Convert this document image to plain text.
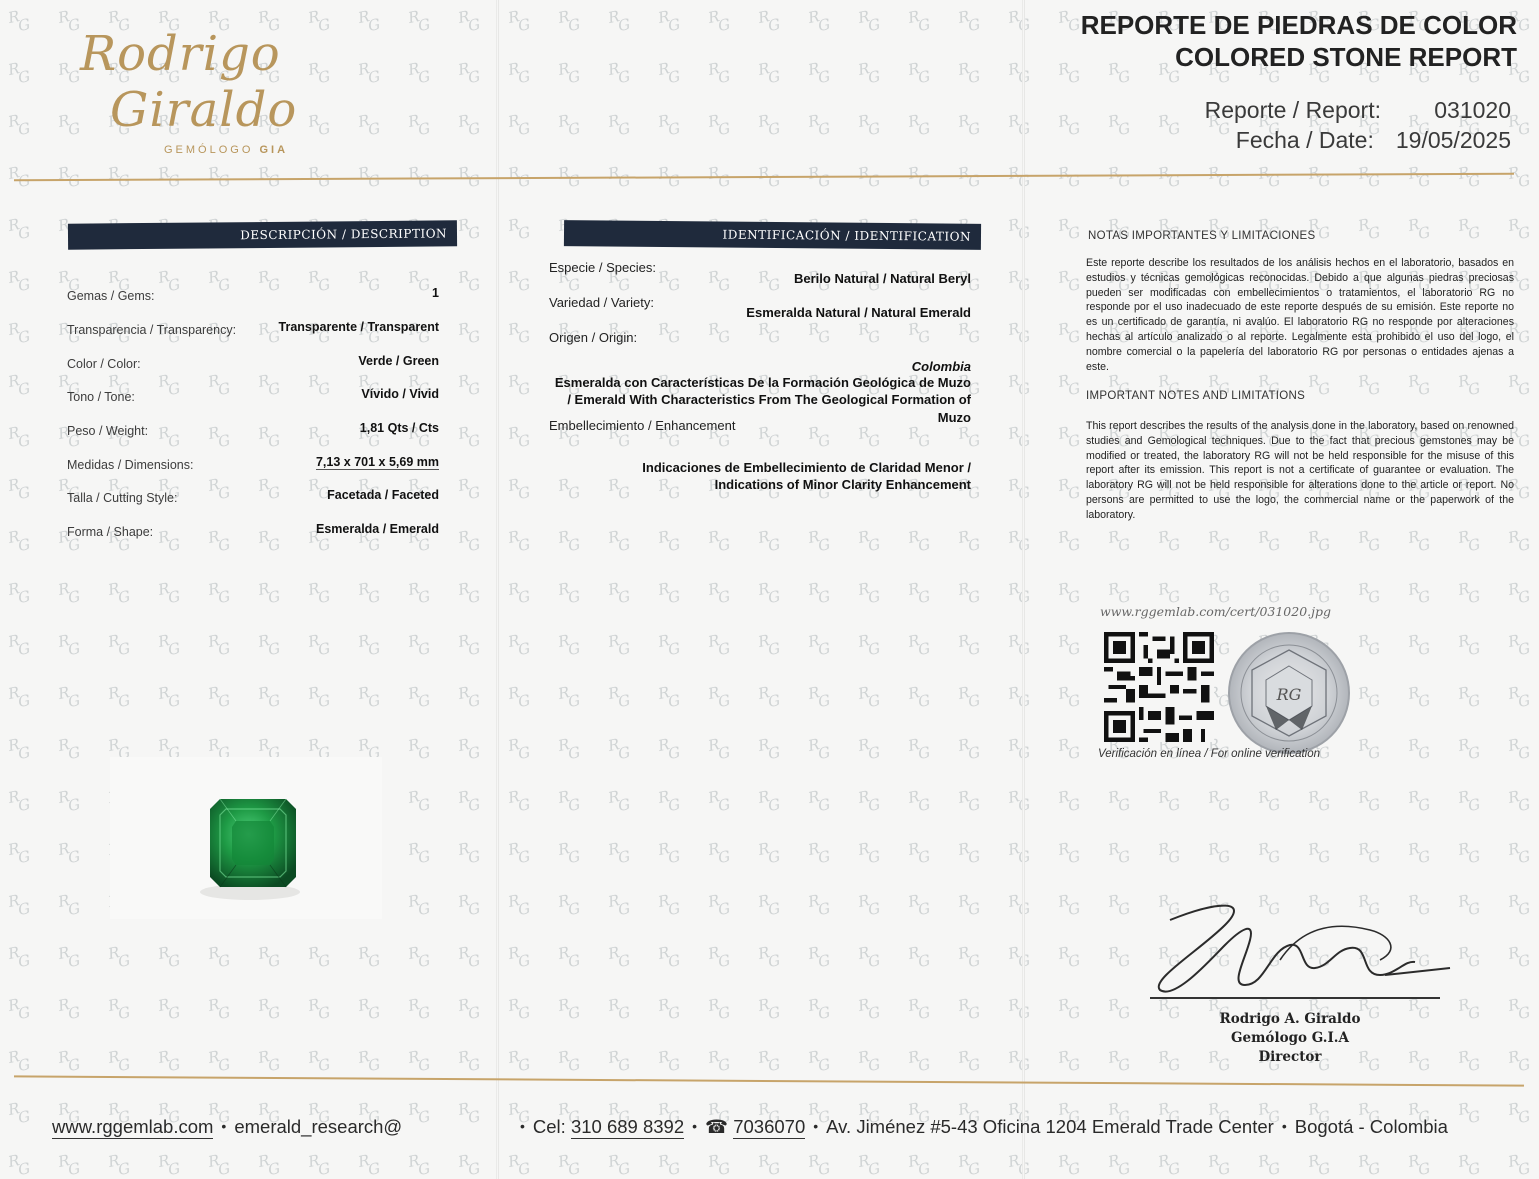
Rodrigo
Giraldo
GEMÓLOGO GIA
REPORTE DE PIEDRAS DE COLOR
COLORED STONE REPORT
Reporte / Report: 031020
Fecha / Date: 19/05/2025
DESCRIPCIÓN / DESCRIPTION
Gemas / Gems:	1
Transparencia / Transparency:	Transparente / Transparent
Color / Color:	Verde / Green
Tono / Tone:	Vívido / Vivid
Peso / Weight:	1,81 Qts / Cts
Medidas / Dimensions:	7,13 x 701 x 5,69 mm
Talla / Cutting Style:	Facetada / Faceted
Forma / Shape:	Esmeralda / Emerald
IDENTIFICACIÓN / IDENTIFICATION
Especie / Species:
Berilo Natural / Natural Beryl
Variedad / Variety:
Esmeralda Natural / Natural Emerald
Origen / Origin:
Colombia
Esmeralda con Características De la Formación Geológica de Muzo
/ Emerald With Characteristics From The Geological Formation of
Muzo
Embellecimiento / Enhancement
Indicaciones de Embellecimiento de Claridad Menor /
Indications of Minor Clarity Enhancement
NOTAS IMPORTANTES Y LIMITACIONES

Este reporte describe los resultados de los análisis hechos en el laboratorio, basados en estudios y técnicas gemológicas reconocidas. Debido a que algunas piedras preciosas pueden ser modificadas con embellecimientos o tratamientos, el laboratorio RG no responde por el uso inadecuado de este reporte después de su emisión. Este reporte no es un certificado de garantía, ni avalúo. El laboratorio RG no responde por alteraciones hechas al artículo analizado o al reporte. Legalmente esta prohibido el uso del logo, el nombre comercial o la papelería del laboratorio RG por personas o entidades ajenas a este.

IMPORTANT NOTES AND LIMITATIONS

This report describes the results of the analysis done in the laboratory, based on renowned studies and Gemological techniques. Due to the fact that precious gemstones may be modified or treated, the laboratory RG will not be held responsible for the misuse of this report after its emission. This report is not a certificate of guarantee or evaluation. The laboratory RG will not be held responsible for alterations done to the article or report. No persons are permitted to use the logo, the commercial name or the paperwork of the laboratory.

www.rggemlab.com/cert/031020.jpg
RG
Verificación en línea / For online verification
Rodrigo A. Giraldo
Gemólogo G.I.A
Director
www.rggemlab.com • emerald_research@	• Cel: 310 689 8392 • ☎ 7036070 • Av. Jiménez #5-43 Oficina 1204 Emerald Trade Center • Bogotá - Colombia
